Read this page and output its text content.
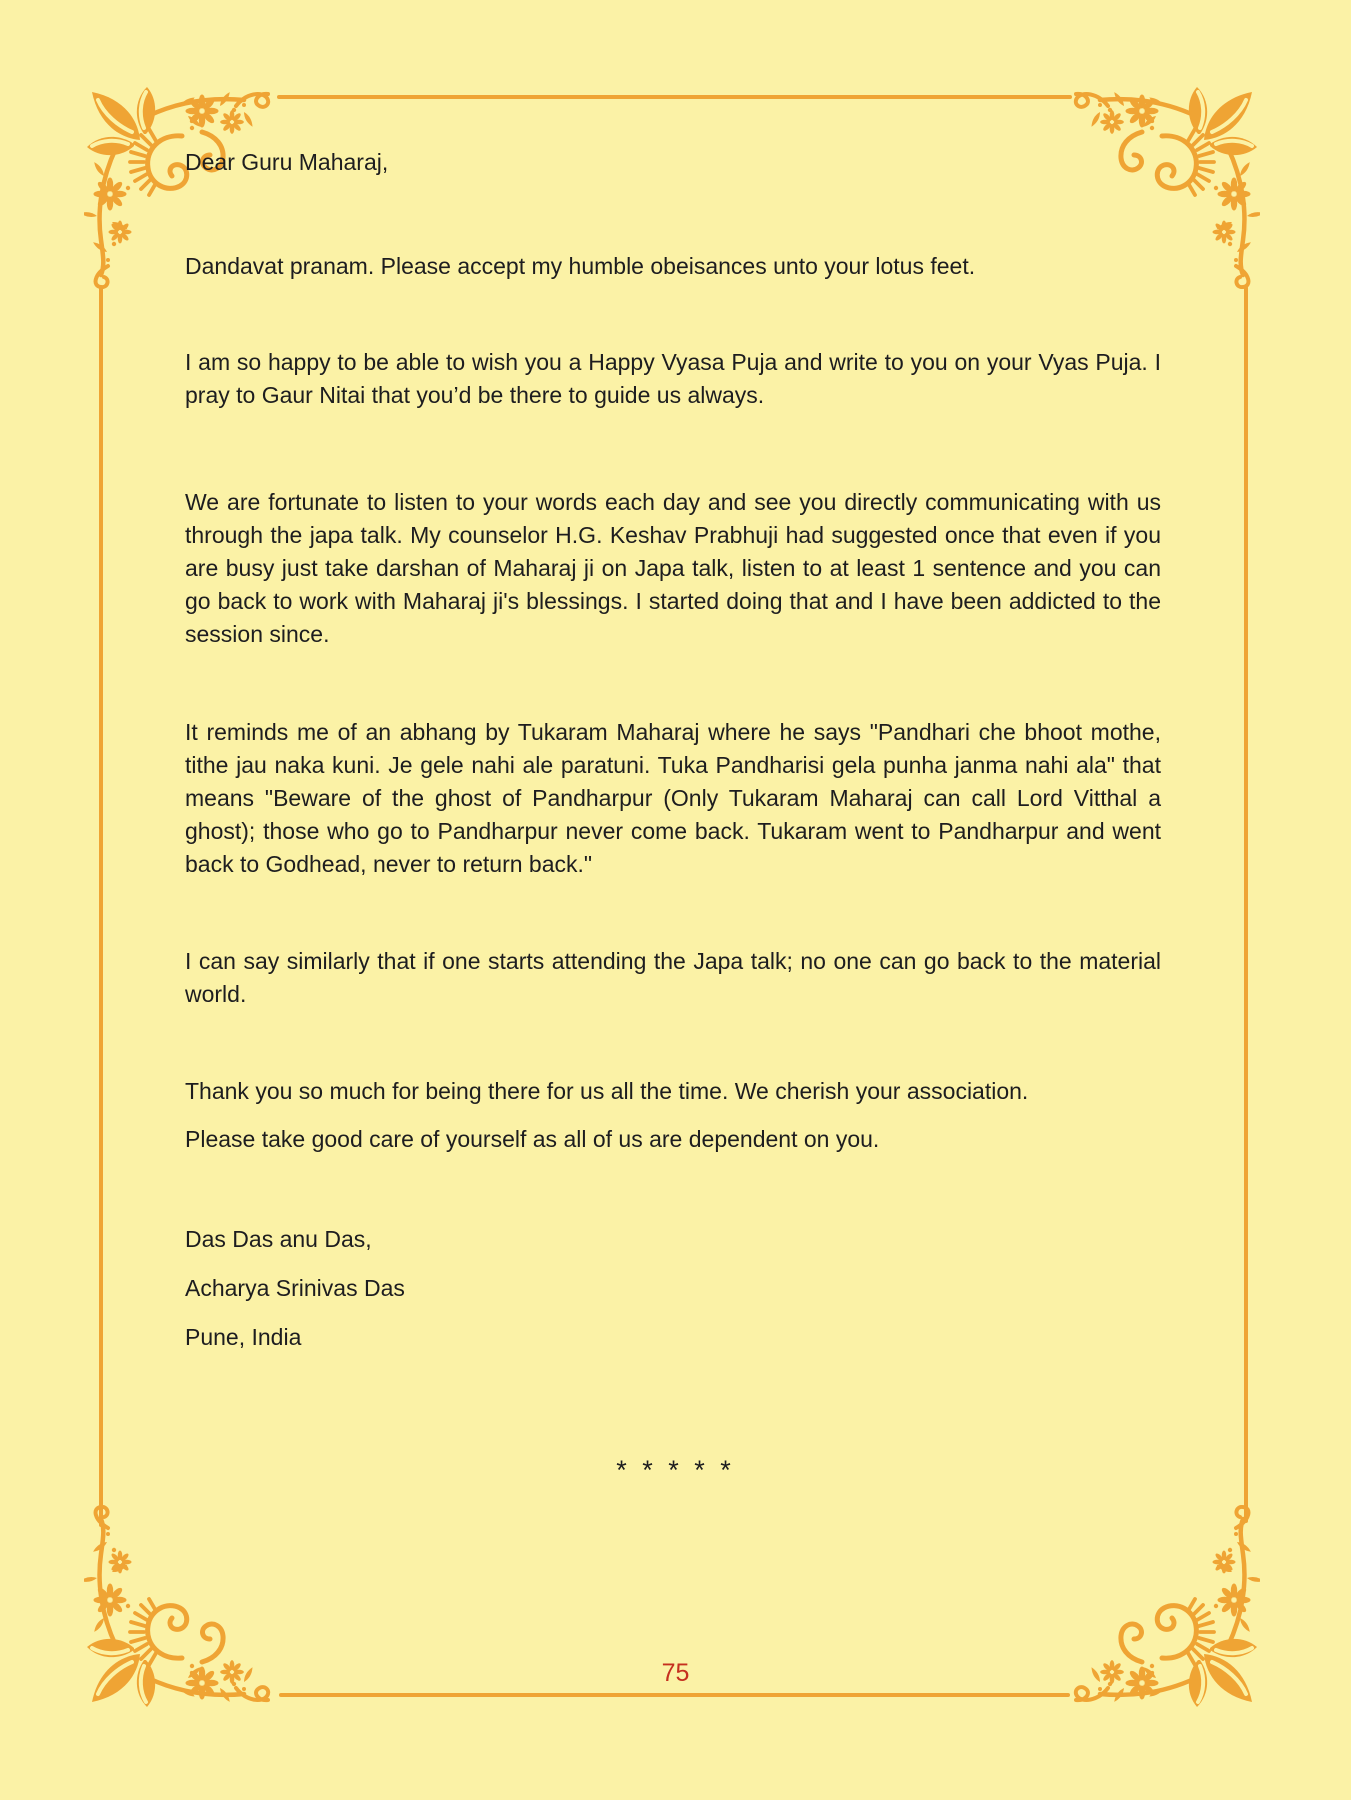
Dear Guru Maharaj,

Dandavat pranam. Please accept my humble obeisances unto your lotus feet.

I am so happy to be able to wish you a Happy Vyasa Puja and write to you on your Vyas Puja. I pray to Gaur Nitai that you’d be there to guide us always.

We are fortunate to listen to your words each day and see you directly communicating with us through the japa talk. My counselor H.G. Keshav Prabhuji had suggested once that even if you are busy just take darshan of Maharaj ji on Japa talk, listen to at least 1 sentence and you can go back to work with Maharaj ji's blessings. I started doing that and I have been addicted to the session since.

It reminds me of an abhang by Tukaram Maharaj where he says "Pandhari che bhoot mothe, tithe jau naka kuni. Je gele nahi ale paratuni. Tuka Pandharisi gela punha janma nahi ala" that means "Beware of the ghost of Pandharpur (Only Tukaram Maharaj can call Lord Vitthal a ghost); those who go to Pandharpur never come back. Tukaram went to Pandharpur and went back to Godhead, never to return back."

I can say similarly that if one starts attending the Japa talk; no one can go back to the material world.

Thank you so much for being there for us all the time. We cherish your association.

Please take good care of yourself as all of us are dependent on you.

Das Das anu Das,

Acharya Srinivas Das

Pune, India

* * * * *
75
